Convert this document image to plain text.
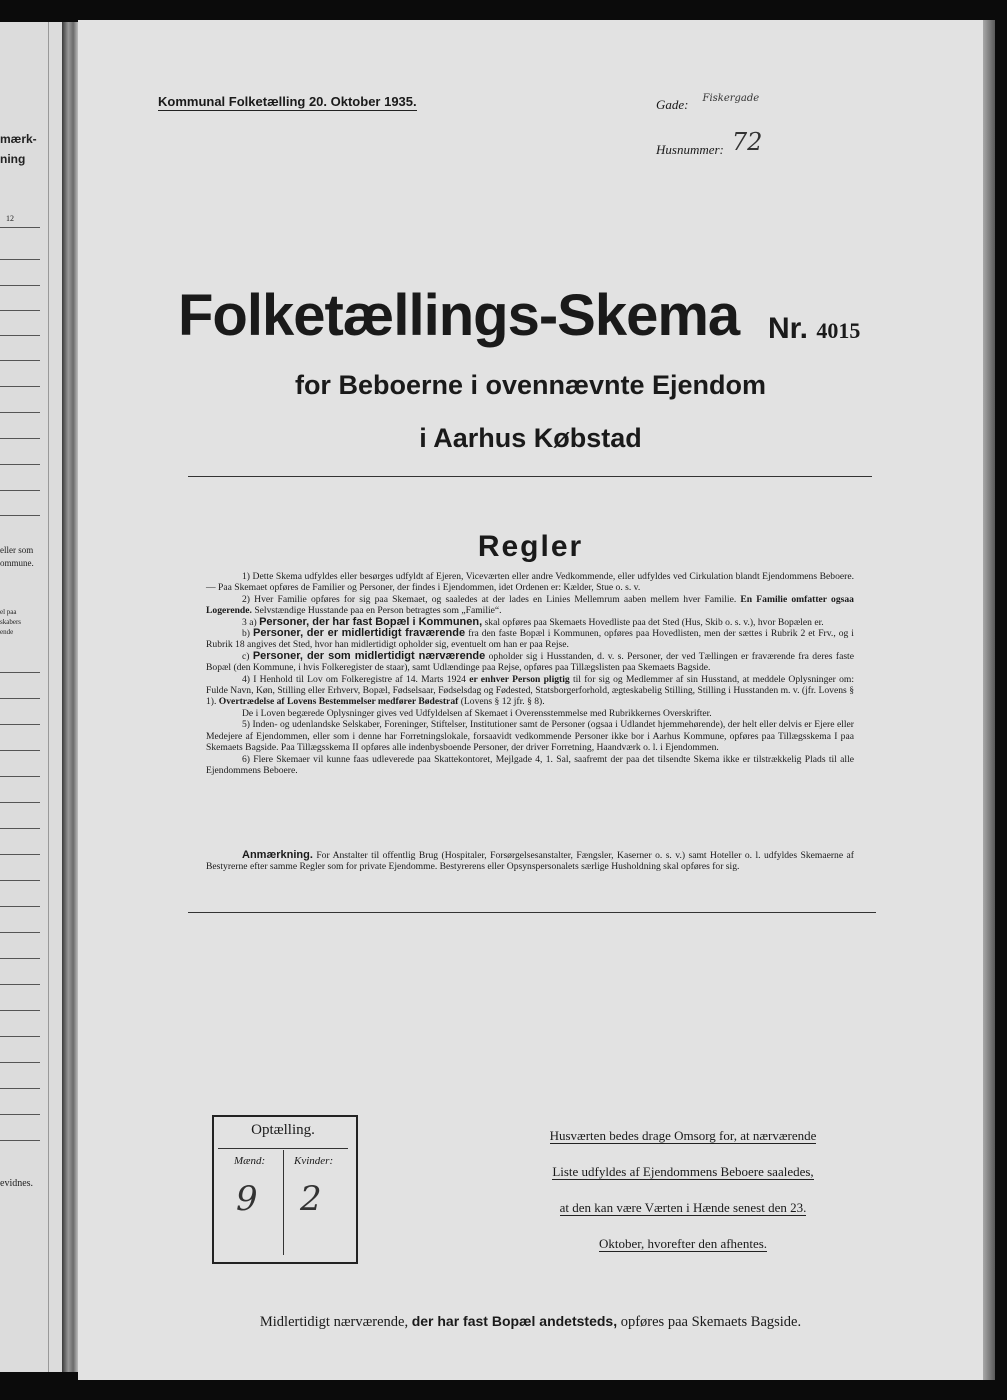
mærk-
ning
12
eller som
ommune.
el paa
skabers
ende
evidnes.
Kommunal Folketælling 20. Oktober 1935.	Gade: $^{Fiskergade}$
Husnummer: 72
Folketællings-Skema Nr. 4015
for Beboerne i ovennævnte Ejendom
i Aarhus Købstad
Regler

1) Dette Skema udfyldes eller besørges udfyldt af Ejeren, Viceværten eller andre Vedkommende, eller udfyldes ved Cirkulation blandt Ejendommens Beboere. — Paa Skemaet opføres de Familier og Personer, der findes i Ejendommen, idet Ordenen er: Kælder, Stue o. s. v.

2) Hver Familie opføres for sig paa Skemaet, og saaledes at der lades en Linies Mellemrum aaben mellem hver Familie. En Familie omfatter ogsaa Logerende. Selvstændige Husstande paa en Person betragtes som „Familie“.

3 a) Personer, der har fast Bopæl i Kommunen, skal opføres paa Skemaets Hovedliste paa det Sted (Hus, Skib o. s. v.), hvor Bopælen er.

b) Personer, der er midlertidigt fraværende fra den faste Bopæl i Kommunen, opføres paa Hovedlisten, men der sættes i Rubrik 2 et Frv., og i Rubrik 18 angives det Sted, hvor han midlertidigt opholder sig, eventuelt om han er paa Rejse.

c) Personer, der som midlertidigt nærværende opholder sig i Husstanden, d. v. s. Personer, der ved Tællingen er fraværende fra deres faste Bopæl (den Kommune, i hvis Folkeregister de staar), samt Udlændinge paa Rejse, opføres paa Tillægslisten paa Skemaets Bagside.

4) I Henhold til Lov om Folkeregistre af 14. Marts 1924 er enhver Person pligtig til for sig og Medlemmer af sin Husstand, at meddele Oplysninger om: Fulde Navn, Køn, Stilling eller Erhverv, Bopæl, Fødselsaar, Fødselsdag og Fødested, Statsborgerforhold, ægteskabelig Stilling, Stilling i Husstanden m. v. (jfr. Lovens § 1). Overtrædelse af Lovens Bestemmelser medfører Bødestraf (Lovens § 12 jfr. § 8).

De i Loven begærede Oplysninger gives ved Udfyldelsen af Skemaet i Overensstemmelse med Rubrikkernes Overskrifter.

5) Inden- og udenlandske Selskaber, Foreninger, Stiftelser, Institutioner samt de Personer (ogsaa i Udlandet hjemmehørende), der helt eller delvis er Ejere eller Medejere af Ejendommen, eller som i denne har Forretningslokale, forsaavidt vedkommende Personer ikke bor i Aarhus Kommune, opføres paa Tillægsskema I paa Skemaets Bagside. Paa Tillægsskema II opføres alle indenbysboende Personer, der driver Forretning, Haandværk o. l. i Ejendommen.

6) Flere Skemaer vil kunne faas udleverede paa Skattekontoret, Mejlgade 4, 1. Sal, saafremt der paa det tilsendte Skema ikke er tilstrækkelig Plads til alle Ejendommens Beboere.

Anmærkning. For Anstalter til offentlig Brug (Hospitaler, Forsørgelsesanstalter, Fængsler, Kaserner o. s. v.) samt Hoteller o. l. udfyldes Skemaerne af Bestyrerne efter samme Regler som for private Ejendomme. Bestyrerens eller Opsynspersonalets særlige Husholdning skal opføres for sig.

Optælling.
Mænd:	Kvinder:
9 2
Husværten bedes drage Omsorg for, at nærværende
Liste udfyldes af Ejendommens Beboere saaledes,
at den kan være Værten i Hænde senest den 23.
Oktober, hvorefter den afhentes.
Midlertidigt nærværende, der har fast Bopæl andetsteds, opføres paa Skemaets Bagside.
